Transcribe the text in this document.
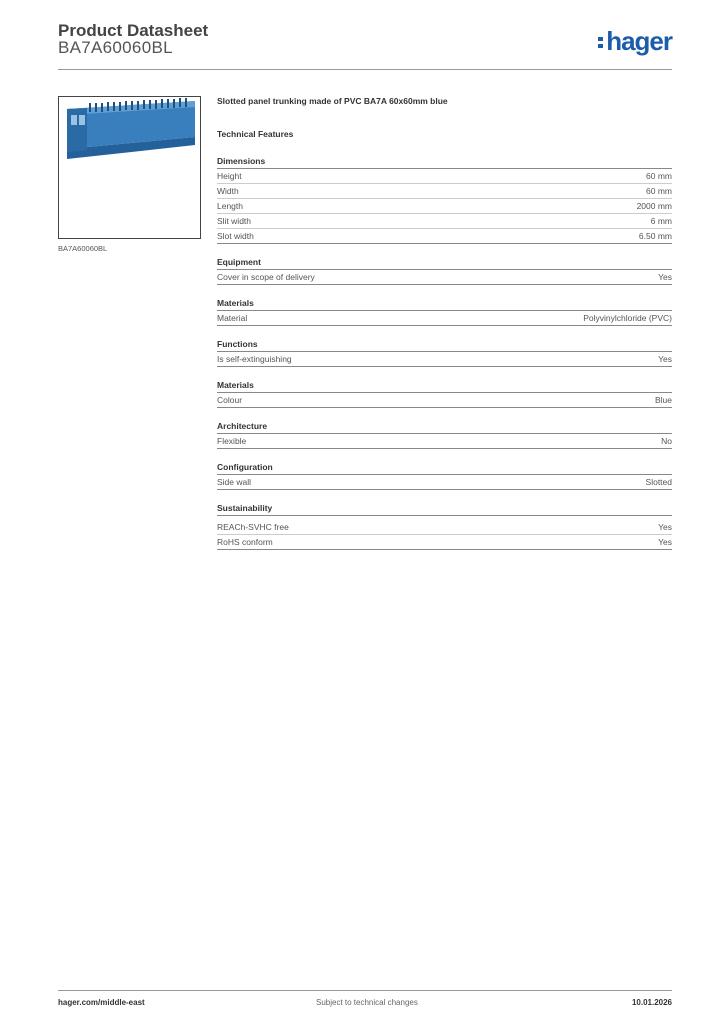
Product Datasheet
BA7A60060BL	hager
BA7A60060BL
Slotted panel trunking made of PVC BA7A 60x60mm blue
Technical Features
Dimensions
Height	60 mm
Width	60 mm
Length	2000 mm
Slit width	6 mm
Slot width	6.50 mm
Equipment
Cover in scope of delivery	Yes
Materials
Material	Polyvinylchloride (PVC)
Functions
Is self-extinguishing	Yes
Materials
Colour	Blue
Architecture
Flexible	No
Configuration
Side wall	Slotted
Sustainability
REACh-SVHC free	Yes
RoHS conform	Yes
hager.com/middle-east	Subject to technical changes	10.01.2026
